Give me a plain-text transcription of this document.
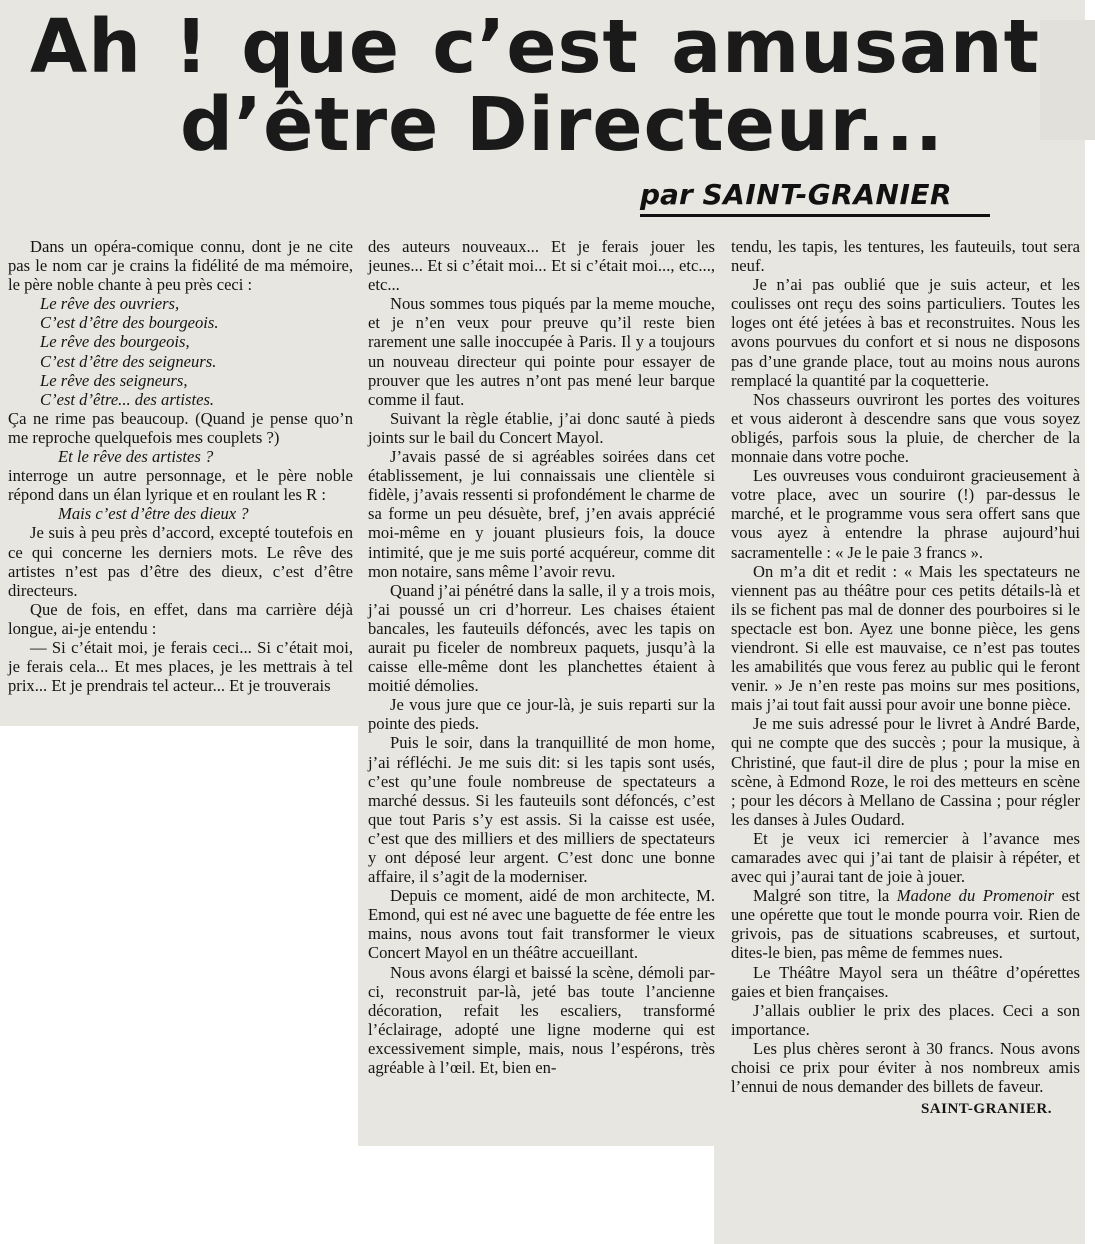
Ah ! que c’est amusant
d’être Directeur...
par SAINT-GRANIER

Dans un opéra-comique connu, dont je ne cite pas le nom car je crains la fidélité de ma mémoire, le père noble chante à peu près ceci :

Le rêve des ouvriers,
C’est d’être des bourgeois.
Le rêve des bourgeois,
C’est d’être des seigneurs.
Le rêve des seigneurs,
C’est d’être... des artistes.

Ça ne rime pas beaucoup. (Quand je pense quo’n me reproche quelquefois mes couplets ?)

Et le rêve des artistes ?

interroge un autre personnage, et le père noble répond dans un élan lyrique et en roulant les R :

Mais c’est d’être des dieux ?

Je suis à peu près d’accord, excepté toutefois en ce qui concerne les derniers mots. Le rêve des artistes n’est pas d’être des dieux, c’est d’être directeurs.

Que de fois, en effet, dans ma carrière déjà longue, ai-je entendu :

— Si c’était moi, je ferais ceci... Si c’était moi, je ferais cela... Et mes places, je les mettrais à tel prix... Et je prendrais tel acteur... Et je trouverais

des auteurs nouveaux... Et je ferais jouer les jeunes... Et si c’était moi... Et si c’était moi..., etc..., etc...

Nous sommes tous piqués par la meme mouche, et je n’en veux pour preuve qu’il reste bien rarement une salle inoccupée à Paris. Il y a toujours un nouveau directeur qui pointe pour essayer de prouver que les autres n’ont pas mené leur barque comme il faut.

Suivant la règle établie, j’ai donc sauté à pieds joints sur le bail du Concert Mayol.

J’avais passé de si agréables soirées dans cet établissement, je lui connaissais une clientèle si fidèle, j’avais ressenti si profondément le charme de sa forme un peu désuète, bref, j’en avais apprécié moi-même en y jouant plusieurs fois, la douce intimité, que je me suis porté acquéreur, comme dit mon notaire, sans même l’avoir revu.

Quand j’ai pénétré dans la salle, il y a trois mois, j’ai poussé un cri d’horreur. Les chaises étaient bancales, les fauteuils défoncés, avec les tapis on aurait pu ficeler de nombreux paquets, jusqu’à la caisse elle-même dont les planchettes étaient à moitié démolies.

Je vous jure que ce jour-là, je suis reparti sur la pointe des pieds.

Puis le soir, dans la tranquillité de mon home, j’ai réfléchi. Je me suis dit: si les tapis sont usés, c’est qu’une foule nombreuse de spectateurs a marché dessus. Si les fauteuils sont défoncés, c’est que tout Paris s’y est assis. Si la caisse est usée, c’est que des milliers et des milliers de spectateurs y ont déposé leur argent. C’est donc une bonne affaire, il s’agit de la moderniser.

Depuis ce moment, aidé de mon architecte, M. Emond, qui est né avec une baguette de fée entre les mains, nous avons tout fait transformer le vieux Concert Mayol en un théâtre accueillant.

Nous avons élargi et baissé la scène, démoli par-ci, reconstruit par-là, jeté bas toute l’ancienne décoration, refait les escaliers, transformé l’éclairage, adopté une ligne moderne qui est excessivement simple, mais, nous l’espérons, très agréable à l’œil. Et, bien en-

tendu, les tapis, les tentures, les fauteuils, tout sera neuf.

Je n’ai pas oublié que je suis acteur, et les coulisses ont reçu des soins particuliers. Toutes les loges ont été jetées à bas et reconstruites. Nous les avons pourvues du confort et si nous ne disposons pas d’une grande place, tout au moins nous aurons remplacé la quantité par la coquetterie.

Nos chasseurs ouvriront les portes des voitures et vous aideront à descendre sans que vous soyez obligés, parfois sous la pluie, de chercher de la monnaie dans votre poche.

Les ouvreuses vous conduiront gracieusement à votre place, avec un sourire (!) par-dessus le marché, et le programme vous sera offert sans que vous ayez à entendre la phrase aujourd’hui sacramentelle : « Je le paie 3 francs ».

On m’a dit et redit : « Mais les spectateurs ne viennent pas au théâtre pour ces petits détails-là et ils se fichent pas mal de donner des pourboires si le spectacle est bon. Ayez une bonne pièce, les gens viendront. Si elle est mauvaise, ce n’est pas toutes les amabilités que vous ferez au public qui le feront venir. » Je n’en reste pas moins sur mes positions, mais j’ai tout fait aussi pour avoir une bonne pièce.

Je me suis adressé pour le livret à André Barde, qui ne compte que des succès ; pour la musique, à Christiné, que faut-il dire de plus ; pour la mise en scène, à Edmond Roze, le roi des metteurs en scène ; pour les décors à Mellano de Cassina ; pour régler les danses à Jules Oudard.

Et je veux ici remercier à l’avance mes camarades avec qui j’ai tant de plaisir à répéter, et avec qui j’aurai tant de joie à jouer.

Malgré son titre, la Madone du Promenoir est une opérette que tout le monde pourra voir. Rien de grivois, pas de situations scabreuses, et surtout, dites-le bien, pas même de femmes nues.

Le Théâtre Mayol sera un théâtre d’opérettes gaies et bien françaises.

J’allais oublier le prix des places. Ceci a son importance.

Les plus chères seront à 30 francs. Nous avons choisi ce prix pour éviter à nos nombreux amis l’ennui de nous demander des billets de faveur.

SAINT-GRANIER.
